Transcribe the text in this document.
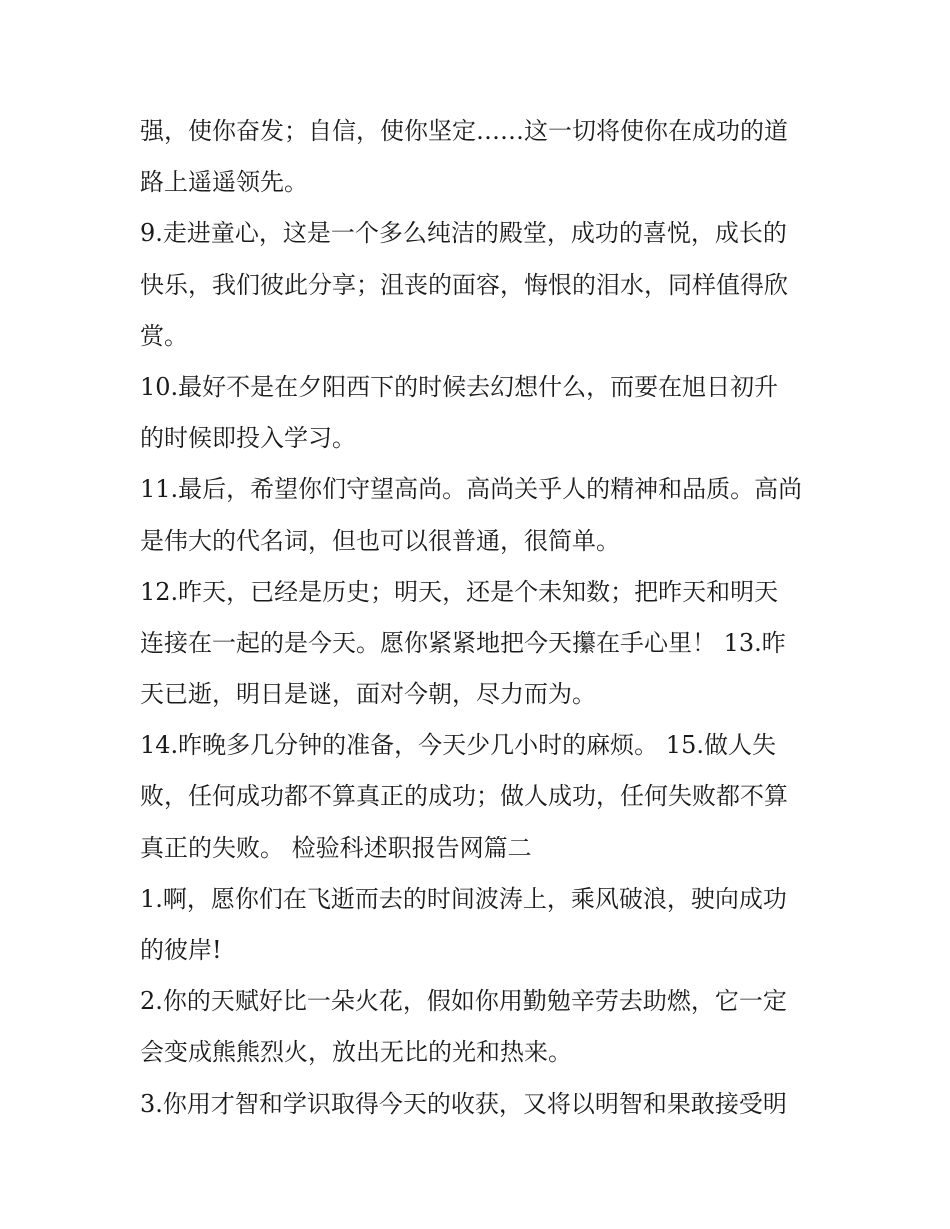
强，使你奋发；自信，使你坚定……这一切将使你在成功的道
路上遥遥领先。
9.走进童心，这是一个多么纯洁的殿堂，成功的喜悦，成长的
快乐，我们彼此分享；沮丧的面容，悔恨的泪水，同样值得欣
赏。
10.最好不是在夕阳西下的时候去幻想什么，而要在旭日初升
的时候即投入学习。
11.最后，希望你们守望高尚。高尚关乎人的精神和品质。高尚
是伟大的代名词，但也可以很普通，很简单。
12.昨天，已经是历史；明天，还是个未知数；把昨天和明天
连接在一起的是今天。愿你紧紧地把今天攥在手心里！ 13.昨
天已逝，明日是谜，面对今朝，尽力而为。
14.昨晚多几分钟的准备，今天少几小时的麻烦。 15.做人失
败，任何成功都不算真正的成功；做人成功，任何失败都不算
真正的失败。 检验科述职报告网篇二
1.啊，愿你们在飞逝而去的时间波涛上，乘风破浪，驶向成功
的彼岸!
2.你的天赋好比一朵火花，假如你用勤勉辛劳去助燃，它一定
会变成熊熊烈火，放出无比的光和热来。
3.你用才智和学识取得今天的收获，又将以明智和果敢接受明
